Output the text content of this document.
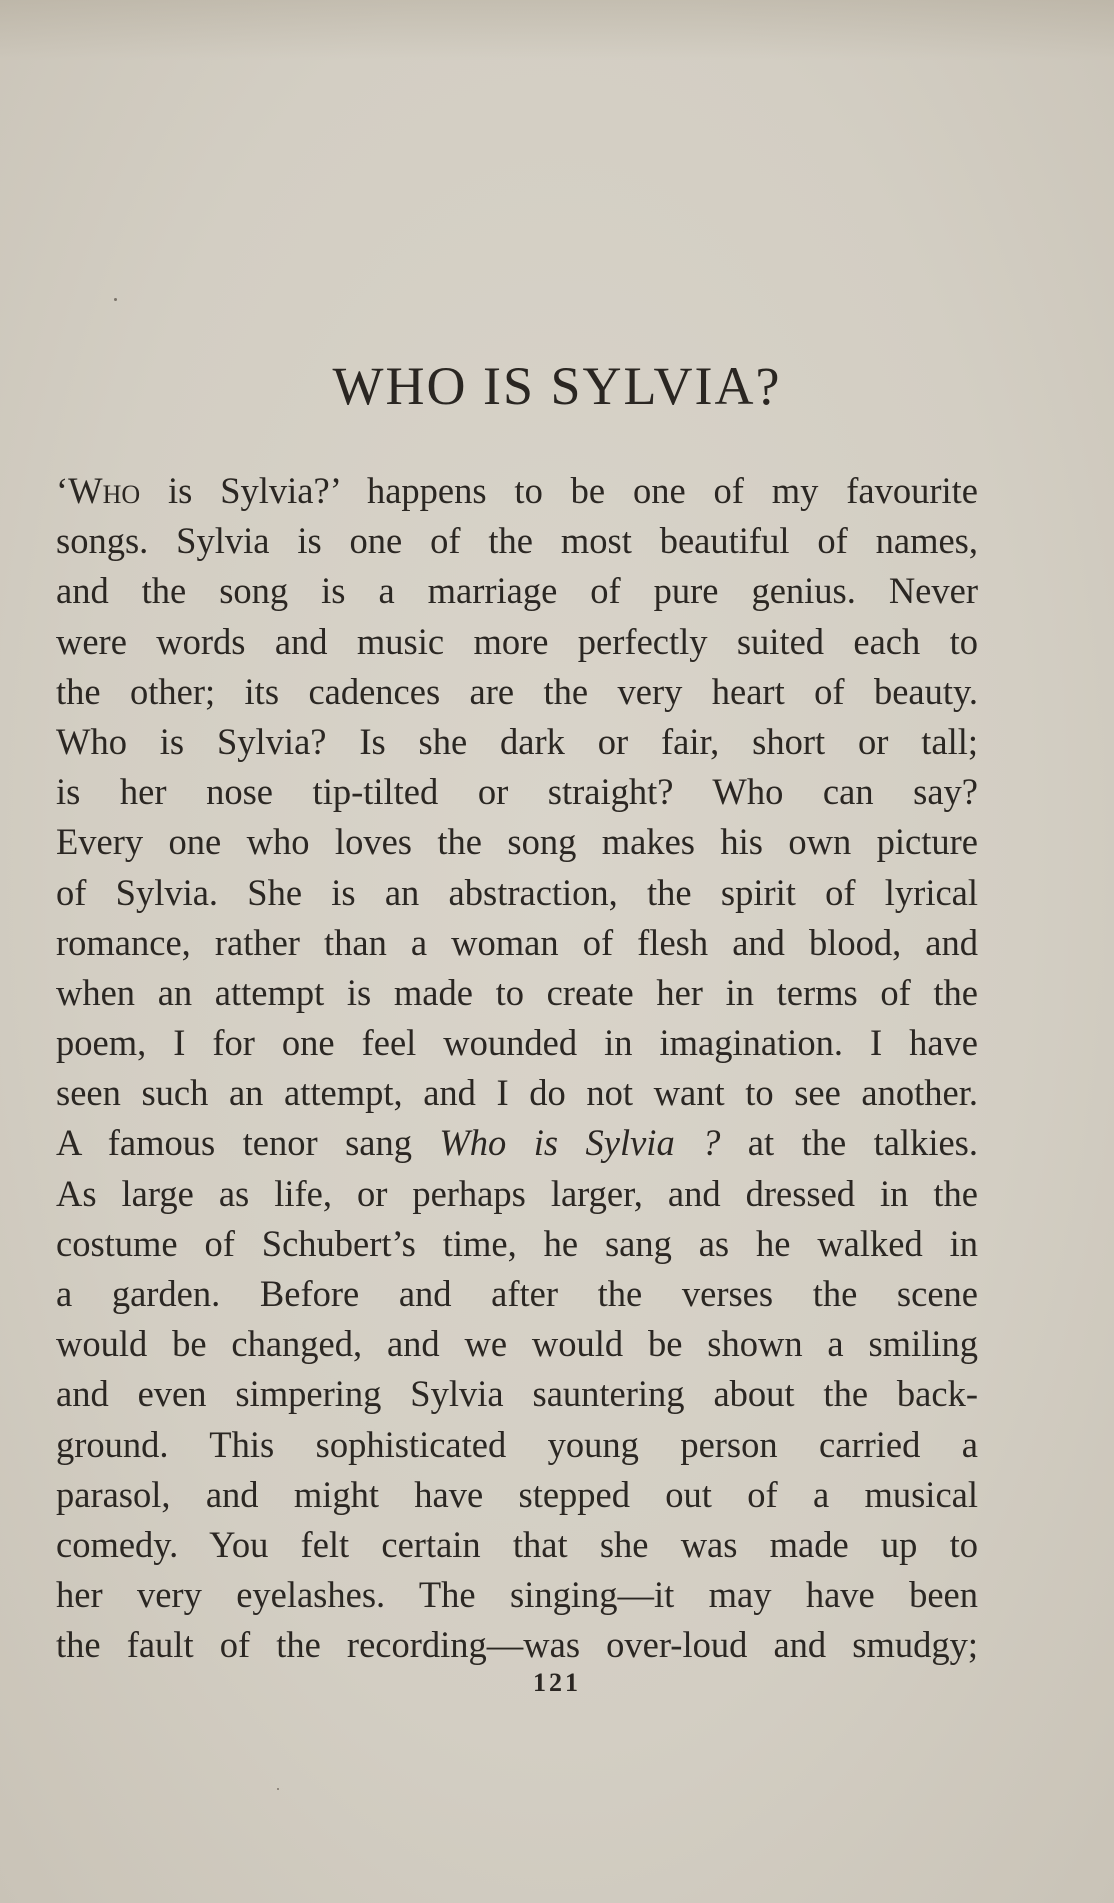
WHO IS SYLVIA?
‘Who is Sylvia?’ happens to be one of my favourite
songs. Sylvia is one of the most beautiful of names,
and the song is a marriage of pure genius. Never
were words and music more perfectly suited each to
the other; its cadences are the very heart of beauty.
Who is Sylvia? Is she dark or fair, short or tall;
is her nose tip-tilted or straight? Who can say?
Every one who loves the song makes his own picture
of Sylvia. She is an abstraction, the spirit of lyrical
romance, rather than a woman of flesh and blood, and
when an attempt is made to create her in terms of the
poem, I for one feel wounded in imagination. I have
seen such an attempt, and I do not want to see another.
A famous tenor sang Who is Sylvia ? at the talkies.
As large as life, or perhaps larger, and dressed in the
costume of Schubert’s time, he sang as he walked in
a garden. Before and after the verses the scene
would be changed, and we would be shown a smiling
and even simpering Sylvia sauntering about the back-
ground. This sophisticated young person carried a
parasol, and might have stepped out of a musical
comedy. You felt certain that she was made up to
her very eyelashes. The singing—it may have been
the fault of the recording—was over-loud and smudgy;
121
